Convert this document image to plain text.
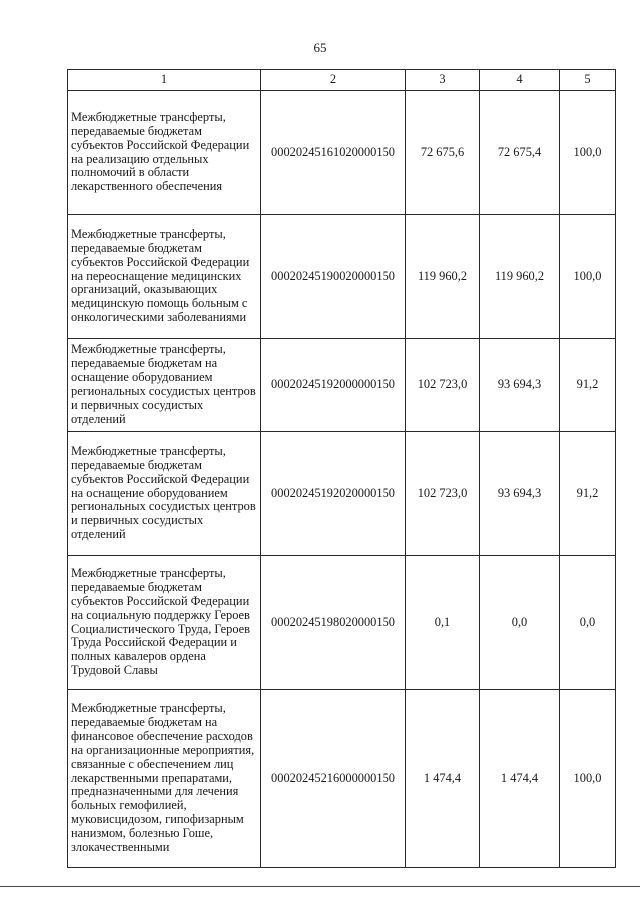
65
1	2	3	4	5
Межбюджетные трансферты, передаваемые бюджетам субъектов Российской Федерации на реализацию отдельных полномочий в области лекарственного обеспечения	00020245161020000150	72 675,6	72 675,4	100,0
Межбюджетные трансферты, передаваемые бюджетам субъектов Российской Федерации на переоснащение медицинских организаций, оказывающих медицинскую помощь больным с онкологическими заболеваниями	00020245190020000150	119 960,2	119 960,2	100,0
Межбюджетные трансферты, передаваемые бюджетам на оснащение оборудованием региональных сосудистых центров и первичных сосудистых отделений	00020245192000000150	102 723,0	93 694,3	91,2
Межбюджетные трансферты, передаваемые бюджетам субъектов Российской Федерации на оснащение оборудованием региональных сосудистых центров и первичных сосудистых отделений	00020245192020000150	102 723,0	93 694,3	91,2
Межбюджетные трансферты, передаваемые бюджетам субъектов Российской Федерации на социальную поддержку Героев Социалистического Труда, Героев Труда Российской Федерации и полных кавалеров ордена Трудовой Славы	00020245198020000150	0,1	0,0	0,0
Межбюджетные трансферты, передаваемые бюджетам на финансовое обеспечение расходов на организационные мероприятия, связанные с обеспечением лиц лекарственными препаратами, предназначенными для лечения больных гемофилией, муковисцидозом, гипофизарным нанизмом, болезнью Гоше, злокачественными	00020245216000000150	1 474,4	1 474,4	100,0
